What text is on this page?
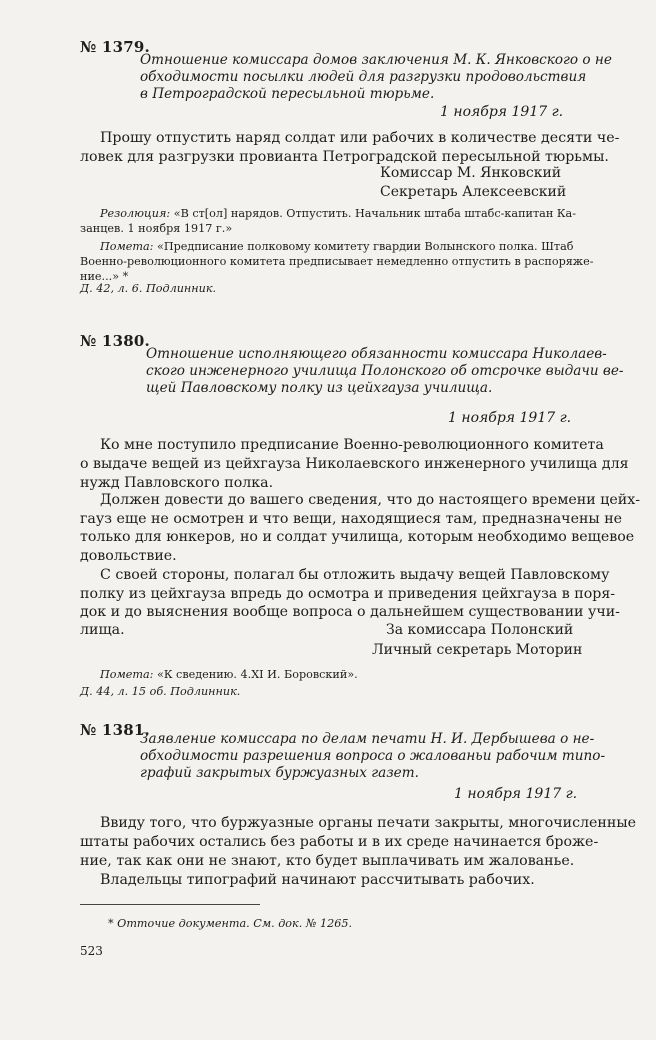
№ 1379.
Отношение комиссара домов заключения М. К. Янковского о не
обходимости посылки людей для разгрузки продовольствия
в Петроградской пересыльной тюрьме.
1 ноября 1917 г.
Прошу отпустить наряд солдат или рабочих в количестве десяти че-
ловек для разгрузки провианта Петроградской пересыльной тюрьмы.
Комиссар М. Янковский
Секретарь Алексеевский
Резолюция: «В ст[ол] нарядов. Отпустить. Начальник штаба штабс-капитан Ка-
занцев. 1 ноября 1917 г.»
Помета: «Предписание полковому комитету гвардии Волынского полка. Штаб
Военно-революционного комитета предписывает немедленно отпустить в распоряже-
ние...» *
Д. 42, л. 6. Подлинник.
№ 1380.
Отношение исполняющего обязанности комиссара Николаев-
ского инженерного училища Полонского об отсрочке выдачи ве-
щей Павловскому полку из цейхгауза училища.
1 ноября 1917 г.
Ко мне поступило предписание Военно-революционного комитета
о выдаче вещей из цейхгауза Николаевского инженерного училища для
нужд Павловского полка.
Должен довести до вашего сведения, что до настоящего времени цейх-
гауз еще не осмотрен и что вещи, находящиеся там, предназначены не
только для юнкеров, но и солдат училища, которым необходимо вещевое
довольствие.
С своей стороны, полагал бы отложить выдачу вещей Павловскому
полку из цейхгауза впредь до осмотра и приведения цейхгауза в поря-
док и до выяснения вообще вопроса о дальнейшем существовании учи-
лища.	За комиссара Полонский
Личный секретарь Моторин
Помета: «К сведению. 4.XI И. Боровский».
Д. 44, л. 15 об. Подлинник.
№ 1381.
Заявление комиссара по делам печати Н. И. Дербышева о не-
обходимости разрешения вопроса о жалованьи рабочим типо-
графий закрытых буржуазных газет.
1 ноября 1917 г.
Ввиду того, что буржуазные органы печати закрыты, многочисленные
штаты рабочих остались без работы и в их среде начинается броже-
ние, так как они не знают, кто будет выплачивать им жалованье.
Владельцы типографий начинают рассчитывать рабочих.
* Отточие документа. См. док. № 1265.
523
